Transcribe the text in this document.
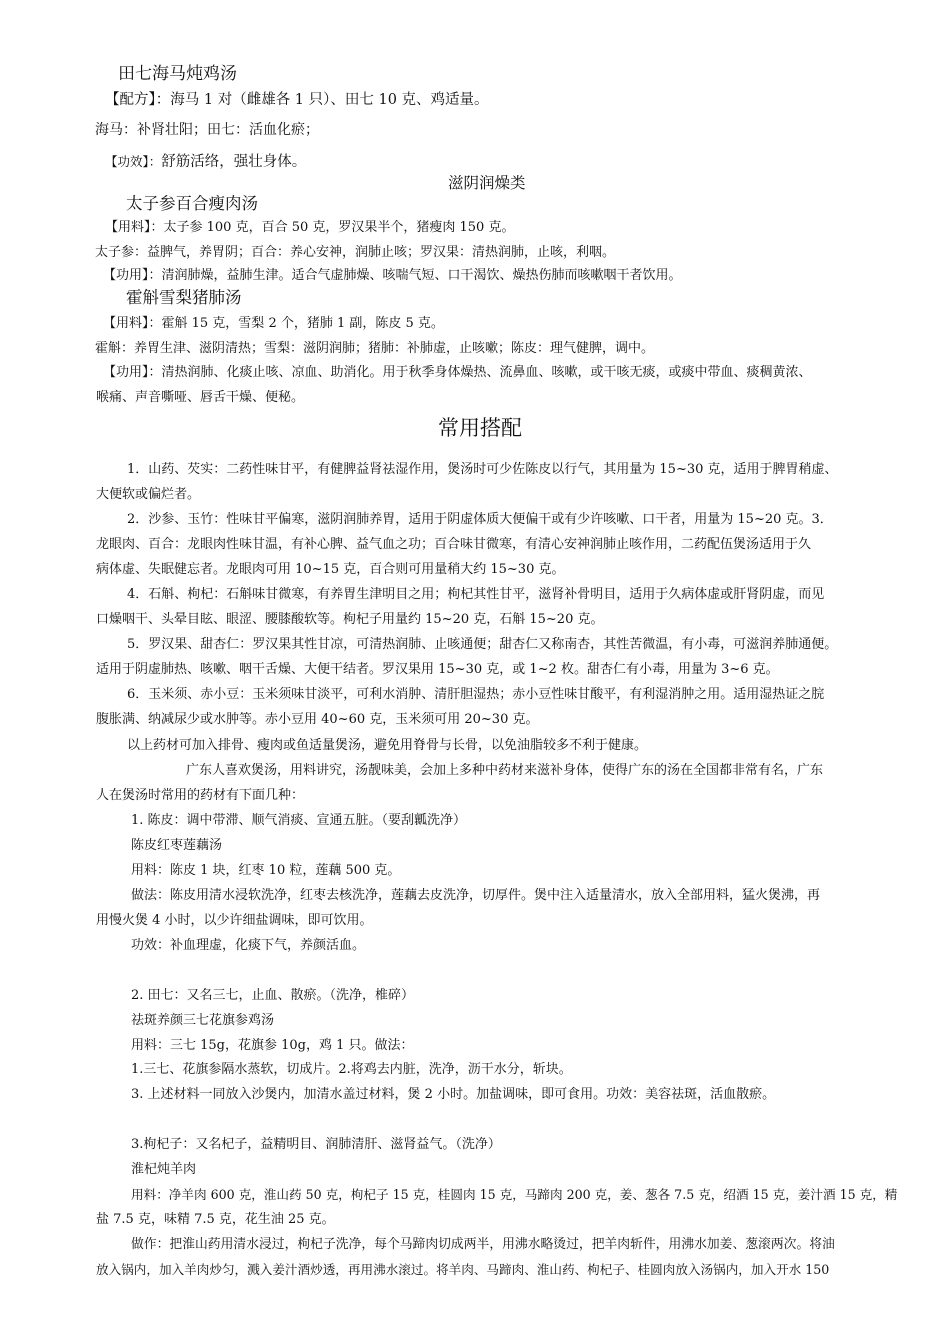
田七海马炖鸡汤
【配方】：海马 1 对（雌雄各 1 只）、田七 10 克、鸡适量。
海马：补肾壮阳；田七：活血化瘀；
【功效】：舒筋活络，强壮身体。
滋阴润燥类
太子参百合瘦肉汤
【用料】：太子参 100 克，百合 50 克，罗汉果半个，猪瘦肉 150 克。
太子参：益脾气，养胃阴；百合：养心安神，润肺止咳；罗汉果：清热润肺，止咳，利咽。
【功用】：清润肺燥，益肺生津。适合气虚肺燥、咳喘气短、口干渴饮、燥热伤肺而咳嗽咽干者饮用。
霍斛雪梨猪肺汤
【用料】：霍斛 15 克，雪梨 2 个，猪肺 1 副，陈皮 5 克。
霍斛：养胃生津、滋阴清热；雪梨：滋阴润肺；猪肺：补肺虚，止咳嗽；陈皮：理气健脾，调中。
【功用】：清热润肺、化痰止咳、凉血、助消化。用于秋季身体燥热、流鼻血、咳嗽，或干咳无痰，或痰中带血、痰稠黄浓、
喉痛、声音嘶哑、唇舌干燥、便秘。
常用搭配
1．山药、芡实：二药性味甘平，有健脾益肾祛湿作用，煲汤时可少佐陈皮以行气，其用量为 15~30 克，适用于脾胃稍虚、
大便软或偏烂者。
2．沙参、玉竹：性味甘平偏寒，滋阴润肺养胃，适用于阴虚体质大便偏干或有少许咳嗽、口干者，用量为 15~20 克。3．
龙眼肉、百合：龙眼肉性味甘温，有补心脾、益气血之功；百合味甘微寒，有清心安神润肺止咳作用，二药配伍煲汤适用于久
病体虚、失眠健忘者。龙眼肉可用 10~15 克，百合则可用量稍大约 15~30 克。
4．石斛、枸杞：石斛味甘微寒，有养胃生津明目之用；枸杞其性甘平，滋肾补骨明目，适用于久病体虚或肝肾阴虚，而见
口燥咽干、头晕目眩、眼涩、腰膝酸软等。枸杞子用量约 15~20 克，石斛 15~20 克。
5．罗汉果、甜杏仁：罗汉果其性甘凉，可清热润肺、止咳通便；甜杏仁又称南杏，其性苦微温，有小毒，可滋润养肺通便。
适用于阴虚肺热、咳嗽、咽干舌燥、大便干结者。罗汉果用 15~30 克，或 1~2 枚。甜杏仁有小毒，用量为 3~6 克。
6．玉米须、赤小豆：玉米须味甘淡平，可利水消肿、清肝胆湿热；赤小豆性味甘酸平，有利湿消肿之用。适用湿热证之脘
腹胀满、纳减尿少或水肿等。赤小豆用 40~60 克，玉米须可用 20~30 克。
以上药材可加入排骨、瘦肉或鱼适量煲汤，避免用脊骨与长骨，以免油脂较多不利于健康。
广东人喜欢煲汤，用料讲究，汤靓味美，会加上多种中药材来滋补身体，使得广东的汤在全国都非常有名，广东
人在煲汤时常用的药材有下面几种：
1. 陈皮：调中带滞、顺气消痰、宣通五脏。（要刮瓤洗净）
陈皮红枣莲藕汤
用料：陈皮 1 块，红枣 10 粒，莲藕 500 克。
做法：陈皮用清水浸软洗净，红枣去核洗净，莲藕去皮洗净，切厚件。煲中注入适量清水，放入全部用料，猛火煲沸，再
用慢火煲 4 小时，以少许细盐调味，即可饮用。
功效：补血理虚，化痰下气，养颜活血。
2. 田七：又名三七，止血、散瘀。（洗净，椎碎）
祛斑养颜三七花旗参鸡汤
用料：三七 15g，花旗参 10g，鸡 1 只。做法：
1.三七、花旗参隔水蒸软，切成片。2.将鸡去内脏，洗净，沥干水分，斩块。
3. 上述材料一同放入沙煲内，加清水盖过材料，煲 2 小时。加盐调味，即可食用。功效：美容祛斑，活血散瘀。
3.枸杞子：又名杞子，益精明目、润肺清肝、滋肾益气。（洗净）
淮杞炖羊肉
用料：净羊肉 600 克，淮山药 50 克，枸杞子 15 克，桂圆肉 15 克，马蹄肉 200 克，姜、葱各 7.5 克，绍酒 15 克，姜汁酒 15 克，精
盐 7.5 克，味精 7.5 克，花生油 25 克。
做作：把淮山药用清水浸过，枸杞子洗净，每个马蹄肉切成两半，用沸水略烫过，把羊肉斩件，用沸水加姜、葱滚两次。将油
放入锅内，加入羊肉炒匀，溅入姜汁酒炒透，再用沸水滚过。将羊肉、马蹄肉、淮山药、枸杞子、桂圆肉放入汤锅内，加入开水 150
